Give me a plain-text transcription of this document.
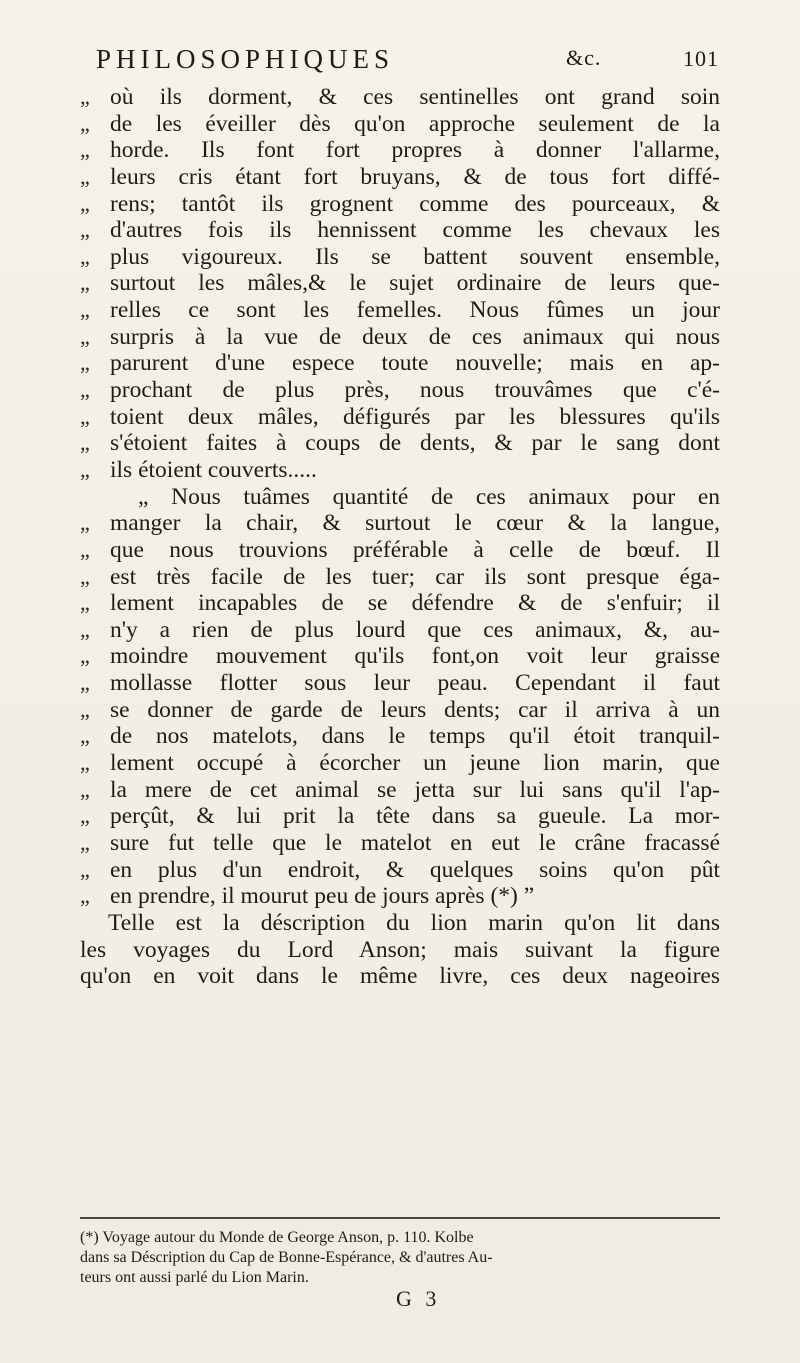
PHILOSOPHIQUES	&c.	101
„ où ils dorment, & ces sentinelles ont grand soin
„ de les éveiller dès qu'on approche seulement de la
„ horde. Ils font fort propres à donner l'allarme,
„ leurs cris étant fort bruyans, & de tous fort diffé-
„ rens; tantôt ils grognent comme des pourceaux, &
„ d'autres fois ils hennissent comme les chevaux les
„ plus vigoureux. Ils se battent souvent ensemble,
„ surtout les mâles,& le sujet ordinaire de leurs que-
„ relles ce sont les femelles. Nous fûmes un jour
„ surpris à la vue de deux de ces animaux qui nous
„ parurent d'une espece toute nouvelle; mais en ap-
„ prochant de plus près, nous trouvâmes que c'é-
„ toient deux mâles, défigurés par les blessures qu'ils
„ s'étoient faites à coups de dents, & par le sang dont
„ ils étoient couverts.....
„ Nous tuâmes quantité de ces animaux pour en
„ manger la chair, & surtout le cœur & la langue,
„ que nous trouvions préférable à celle de bœuf. Il
„ est très facile de les tuer; car ils sont presque éga-
„ lement incapables de se défendre & de s'enfuir; il
„ n'y a rien de plus lourd que ces animaux, &, au-
„ moindre mouvement qu'ils font,on voit leur graisse
„ mollasse flotter sous leur peau. Cependant il faut
„ se donner de garde de leurs dents; car il arriva à un
„ de nos matelots, dans le temps qu'il étoit tranquil-
„ lement occupé à écorcher un jeune lion marin, que
„ la mere de cet animal se jetta sur lui sans qu'il l'ap-
„ perçût, & lui prit la tête dans sa gueule. La mor-
„ sure fut telle que le matelot en eut le crâne fracassé
„ en plus d'un endroit, & quelques soins qu'on pût
„ en prendre, il mourut peu de jours après (*) ”
Telle est la déscription du lion marin qu'on lit dans
les voyages du Lord Anson; mais suivant la figure
qu'on en voit dans le même livre, ces deux nageoires
(*) Voyage autour du Monde de George Anson, p. 110. Kolbe
dans sa Déscription du Cap de Bonne-Espérance, & d'autres Au-
teurs ont aussi parlé du Lion Marin.
G 3
